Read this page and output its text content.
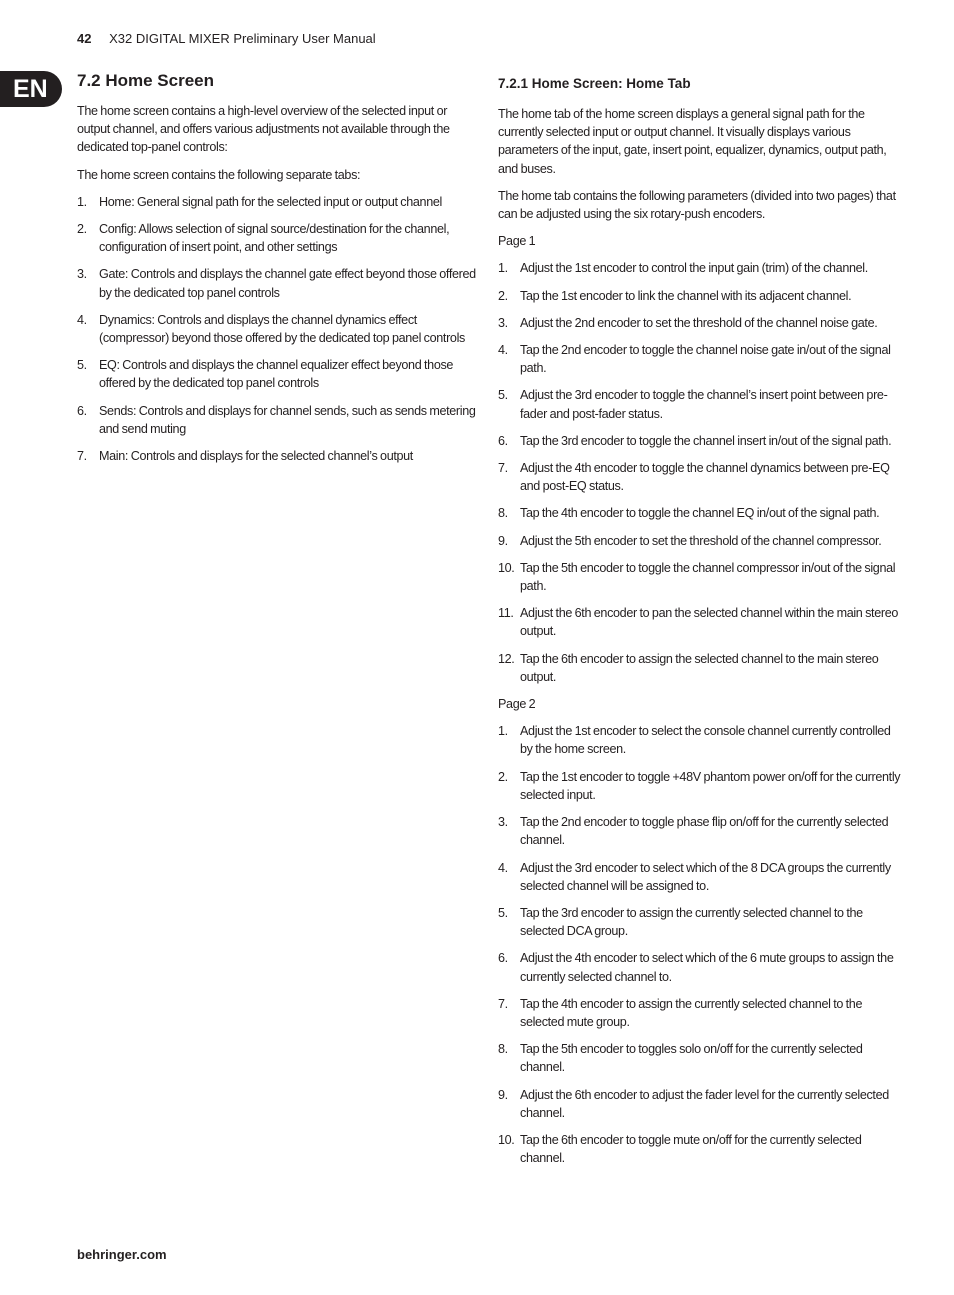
42 X32 DIGITAL MIXER Preliminary User Manual
EN	7.2 Home Screen

The home screen contains a high-level overview of the selected input or output channel, and offers various adjustments not available through the dedicated top-panel controls:

The home screen contains the following separate tabs:

1. Home: General signal path for the selected input or output channel
2. Config: Allows selection of signal source/destination for the channel, configuration of insert point, and other settings
3. Gate: Controls and displays the channel gate effect beyond those offered by the dedicated top panel controls
4. Dynamics: Controls and displays the channel dynamics effect (compressor) beyond those offered by the dedicated top panel controls
5. EQ: Controls and displays the channel equalizer effect beyond those offered by the dedicated top panel controls
6. Sends: Controls and displays for channel sends, such as sends metering and send muting
7. Main: Controls and displays for the selected channel’s output
7.2.1 Home Screen: Home Tab

The home tab of the home screen displays a general signal path for the currently selected input or output channel. It visually displays various parameters of the input, gate, insert point, equalizer, dynamics, output path, and buses.

The home tab contains the following parameters (divided into two pages) that can be adjusted using the six rotary-push encoders.

Page 1

1. Adjust the 1st encoder to control the input gain (trim) of the channel.
2. Tap the 1st encoder to link the channel with its adjacent channel.
3. Adjust the 2nd encoder to set the threshold of the channel noise gate.
4. Tap the 2nd encoder to toggle the channel noise gate in/out of the signal path.
5. Adjust the 3rd encoder to toggle the channel’s insert point between pre-fader and post-fader status.
6. Tap the 3rd encoder to toggle the channel insert in/out of the signal path.
7. Adjust the 4th encoder to toggle the channel dynamics between pre-EQ and post-EQ status.
8. Tap the 4th encoder to toggle the channel EQ in/out of the signal path.
9. Adjust the 5th encoder to set the threshold of the channel compressor.
10. Tap the 5th encoder to toggle the channel compressor in/out of the signal path.
11. Adjust the 6th encoder to pan the selected channel within the main stereo output.
12. Tap the 6th encoder to assign the selected channel to the main stereo output.

Page 2

1. Adjust the 1st encoder to select the console channel currently controlled by the home screen.
2. Tap the 1st encoder to toggle +48V phantom power on/off for the currently selected input.
3. Tap the 2nd encoder to toggle phase flip on/off for the currently selected channel.
4. Adjust the 3rd encoder to select which of the 8 DCA groups the currently selected channel will be assigned to.
5. Tap the 3rd encoder to assign the currently selected channel to the selected DCA group.
6. Adjust the 4th encoder to select which of the 6 mute groups to assign the currently selected channel to.
7. Tap the 4th encoder to assign the currently selected channel to the selected mute group.
8. Tap the 5th encoder to toggles solo on/off for the currently selected channel.
9. Adjust the 6th encoder to adjust the fader level for the currently selected channel.
10. Tap the 6th encoder to toggle mute on/off for the currently selected channel.
behringer.com
